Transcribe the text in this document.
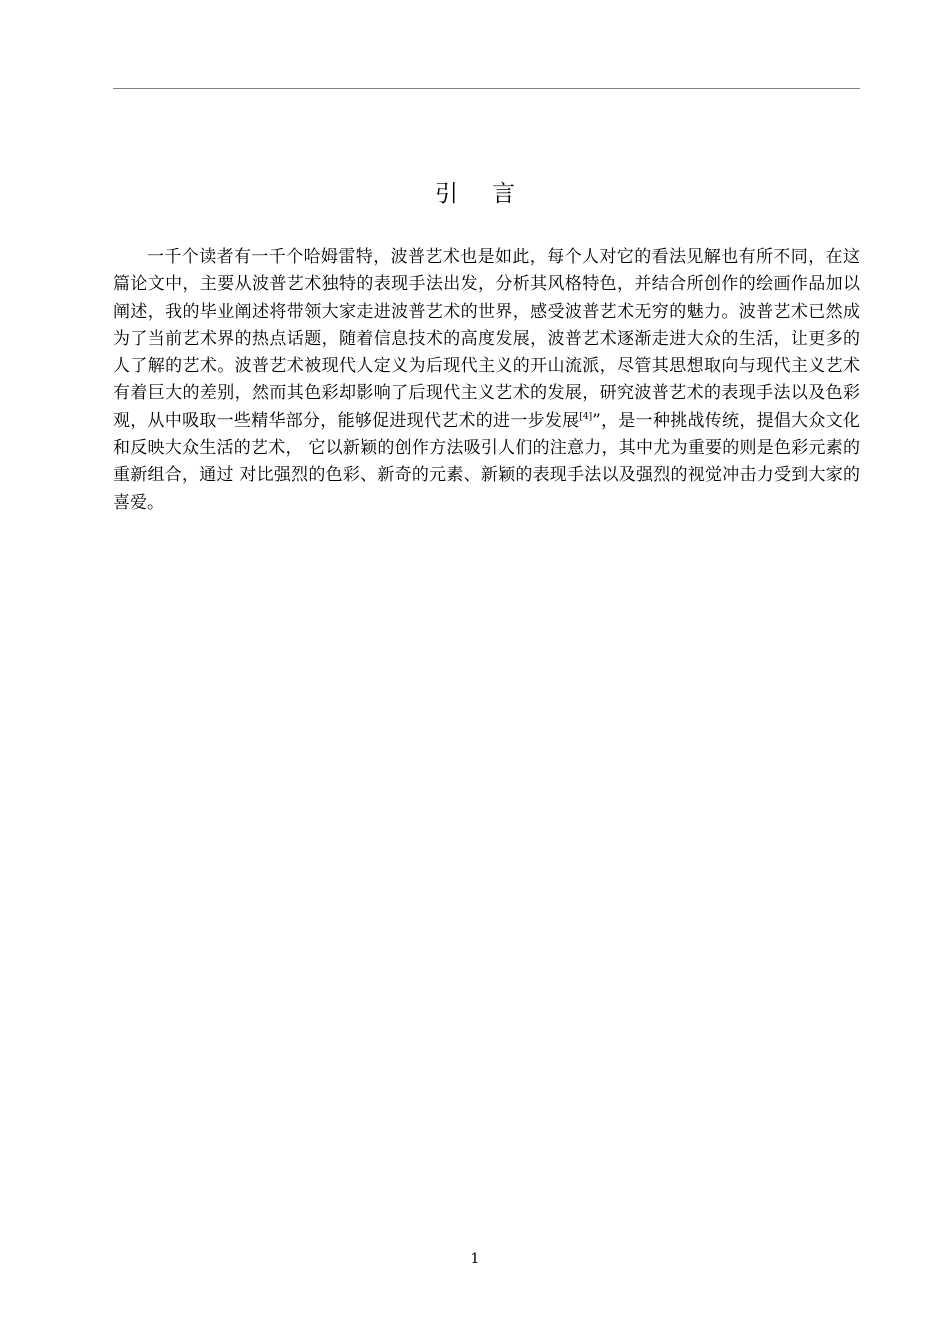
引 言

一千个读者有一千个哈姆雷特，波普艺术也是如此，每个人对它的看法见解也有所不同，在这篇论文中，主要从波普艺术独特的表现手法出发，分析其风格特色，并结合所创作的绘画作品加以阐述，我的毕业阐述将带领大家走进波普艺术的世界，感受波普艺术无穷的魅力。波普艺术已然成为了当前艺术界的热点话题，随着信息技术的高度发展，波普艺术逐渐走进大众的生活，让更多的人了解的艺术。波普艺术被现代人定义为后现代主义的开山流派，尽管其思想取向与现代主义艺术有着巨大的差别，然而其色彩却影响了后现代主义艺术的发展，研究波普艺术的表现手法以及色彩观，从中吸取一些精华部分，能够促进现代艺术的进一步发展[4]”，是一种挑战传统，提倡大众文化和反映大众生活的艺术， 它以新颖的创作方法吸引人们的注意力，其中尤为重要的则是色彩元素的重新组合，通过 对比强烈的色彩、新奇的元素、新颖的表现手法以及强烈的视觉冲击力受到大家的喜爱。

1
